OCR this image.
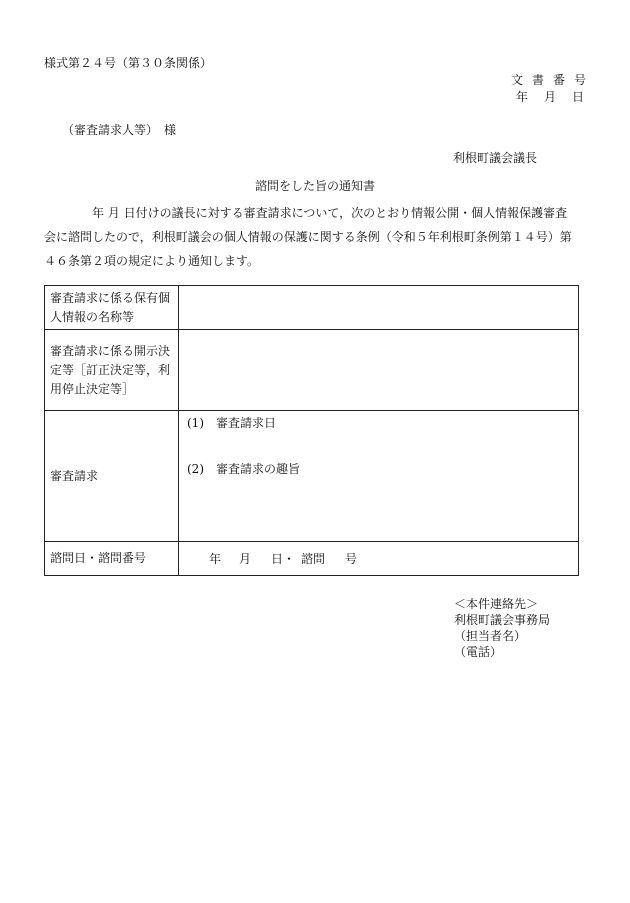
様式第２４号（第３０条関係）
文書番号
年　月　日
（審査請求人等）　様
利根町議会議長
諮問をした旨の通知書
年 月 日付けの議長に対する審査請求について，次のとおり情報公開・個人情報保護審査
会に諮問したので，利根町議会の個人情報の保護に関する条例（令和５年利根町条例第１４号）第
４６条第２項の規定により通知します。
審査請求に係る保有個人情報の名称等	
審査請求に係る開示決定等［訂正決定等，利用停止決定等］	
審査請求	(1) 審査請求日
(2) 審査請求の趣旨

諮問日・諮問番号	年 月 日・ 諮問 号
＜本件連絡先＞
利根町議会事務局
（担当者名）
（電話）
